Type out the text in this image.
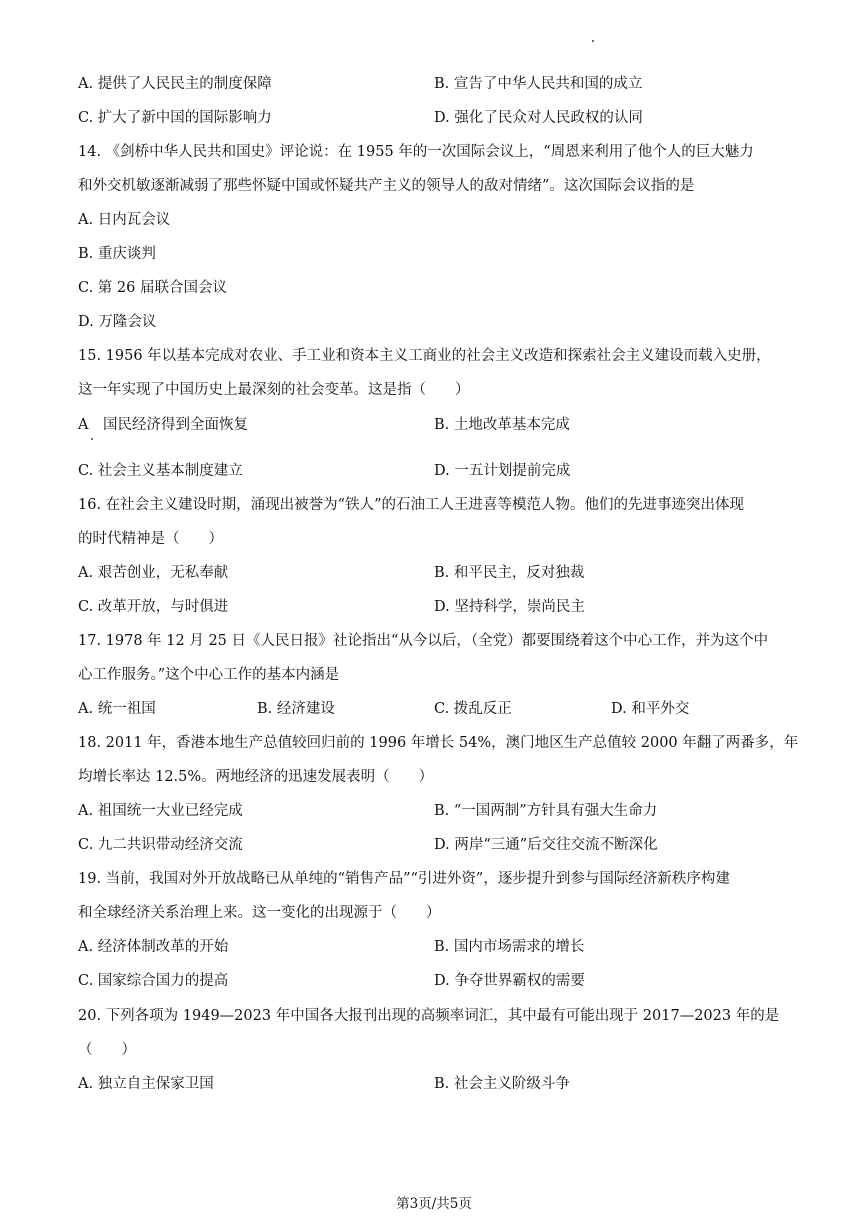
A. 提供了人民民主的制度保障	B. 宣告了中华人民共和国的成立
C. 扩大了新中国的国际影响力	D. 强化了民众对人民政权的认同
14. 《剑桥中华人民共和国史》评论说：在 1955 年的一次国际会议上，“周恩来利用了他个人的巨大魅力
和外交机敏逐渐减弱了那些怀疑中国或怀疑共产主义的领导人的敌对情绪”。这次国际会议指的是
A. 日内瓦会议
B. 重庆谈判
C. 第 26 届联合国会议
D. 万隆会议
15. 1956 年以基本完成对农业、手工业和资本主义工商业的社会主义改造和探索社会主义建设而载入史册，
这一年实现了中国历史上最深刻的社会变革。这是指（　　）
A　国民经济得到全面恢复	B. 土地改革基本完成
C. 社会主义基本制度建立	D. 一五计划提前完成
16. 在社会主义建设时期，涌现出被誉为“铁人”的石油工人王进喜等模范人物。他们的先进事迹突出体现
的时代精神是（　　）
A. 艰苦创业，无私奉献	B. 和平民主，反对独裁
C. 改革开放，与时俱进	D. 坚持科学，崇尚民主
17. 1978 年 12 月 25 日《人民日报》社论指出“从今以后，（全党）都要围绕着这个中心工作，并为这个中
心工作服务。”这个中心工作的基本内涵是
A. 统一祖国	B. 经济建设	C. 拨乱反正	D. 和平外交
18. 2011 年，香港本地生产总值较回归前的 1996 年增长 54%，澳门地区生产总值较 2000 年翻了两番多，年
均增长率达 12.5%。两地经济的迅速发展表明（　　）
A. 祖国统一大业已经完成	B. “一国两制”方针具有强大生命力
C. 九二共识带动经济交流	D. 两岸“三通”后交往交流不断深化
19. 当前，我国对外开放战略已从单纯的“销售产品”“引进外资”，逐步提升到参与国际经济新秩序构建
和全球经济关系治理上来。这一变化的出现源于（　　）
A. 经济体制改革的开始	B. 国内市场需求的增长
C. 国家综合国力的提高	D. 争夺世界霸权的需要
20. 下列各项为 1949—2023 年中国各大报刊出现的高频率词汇，其中最有可能出现于 2017—2023 年的是
（　　）
A. 独立自主保家卫国	B. 社会主义阶级斗争
第3页/共5页
